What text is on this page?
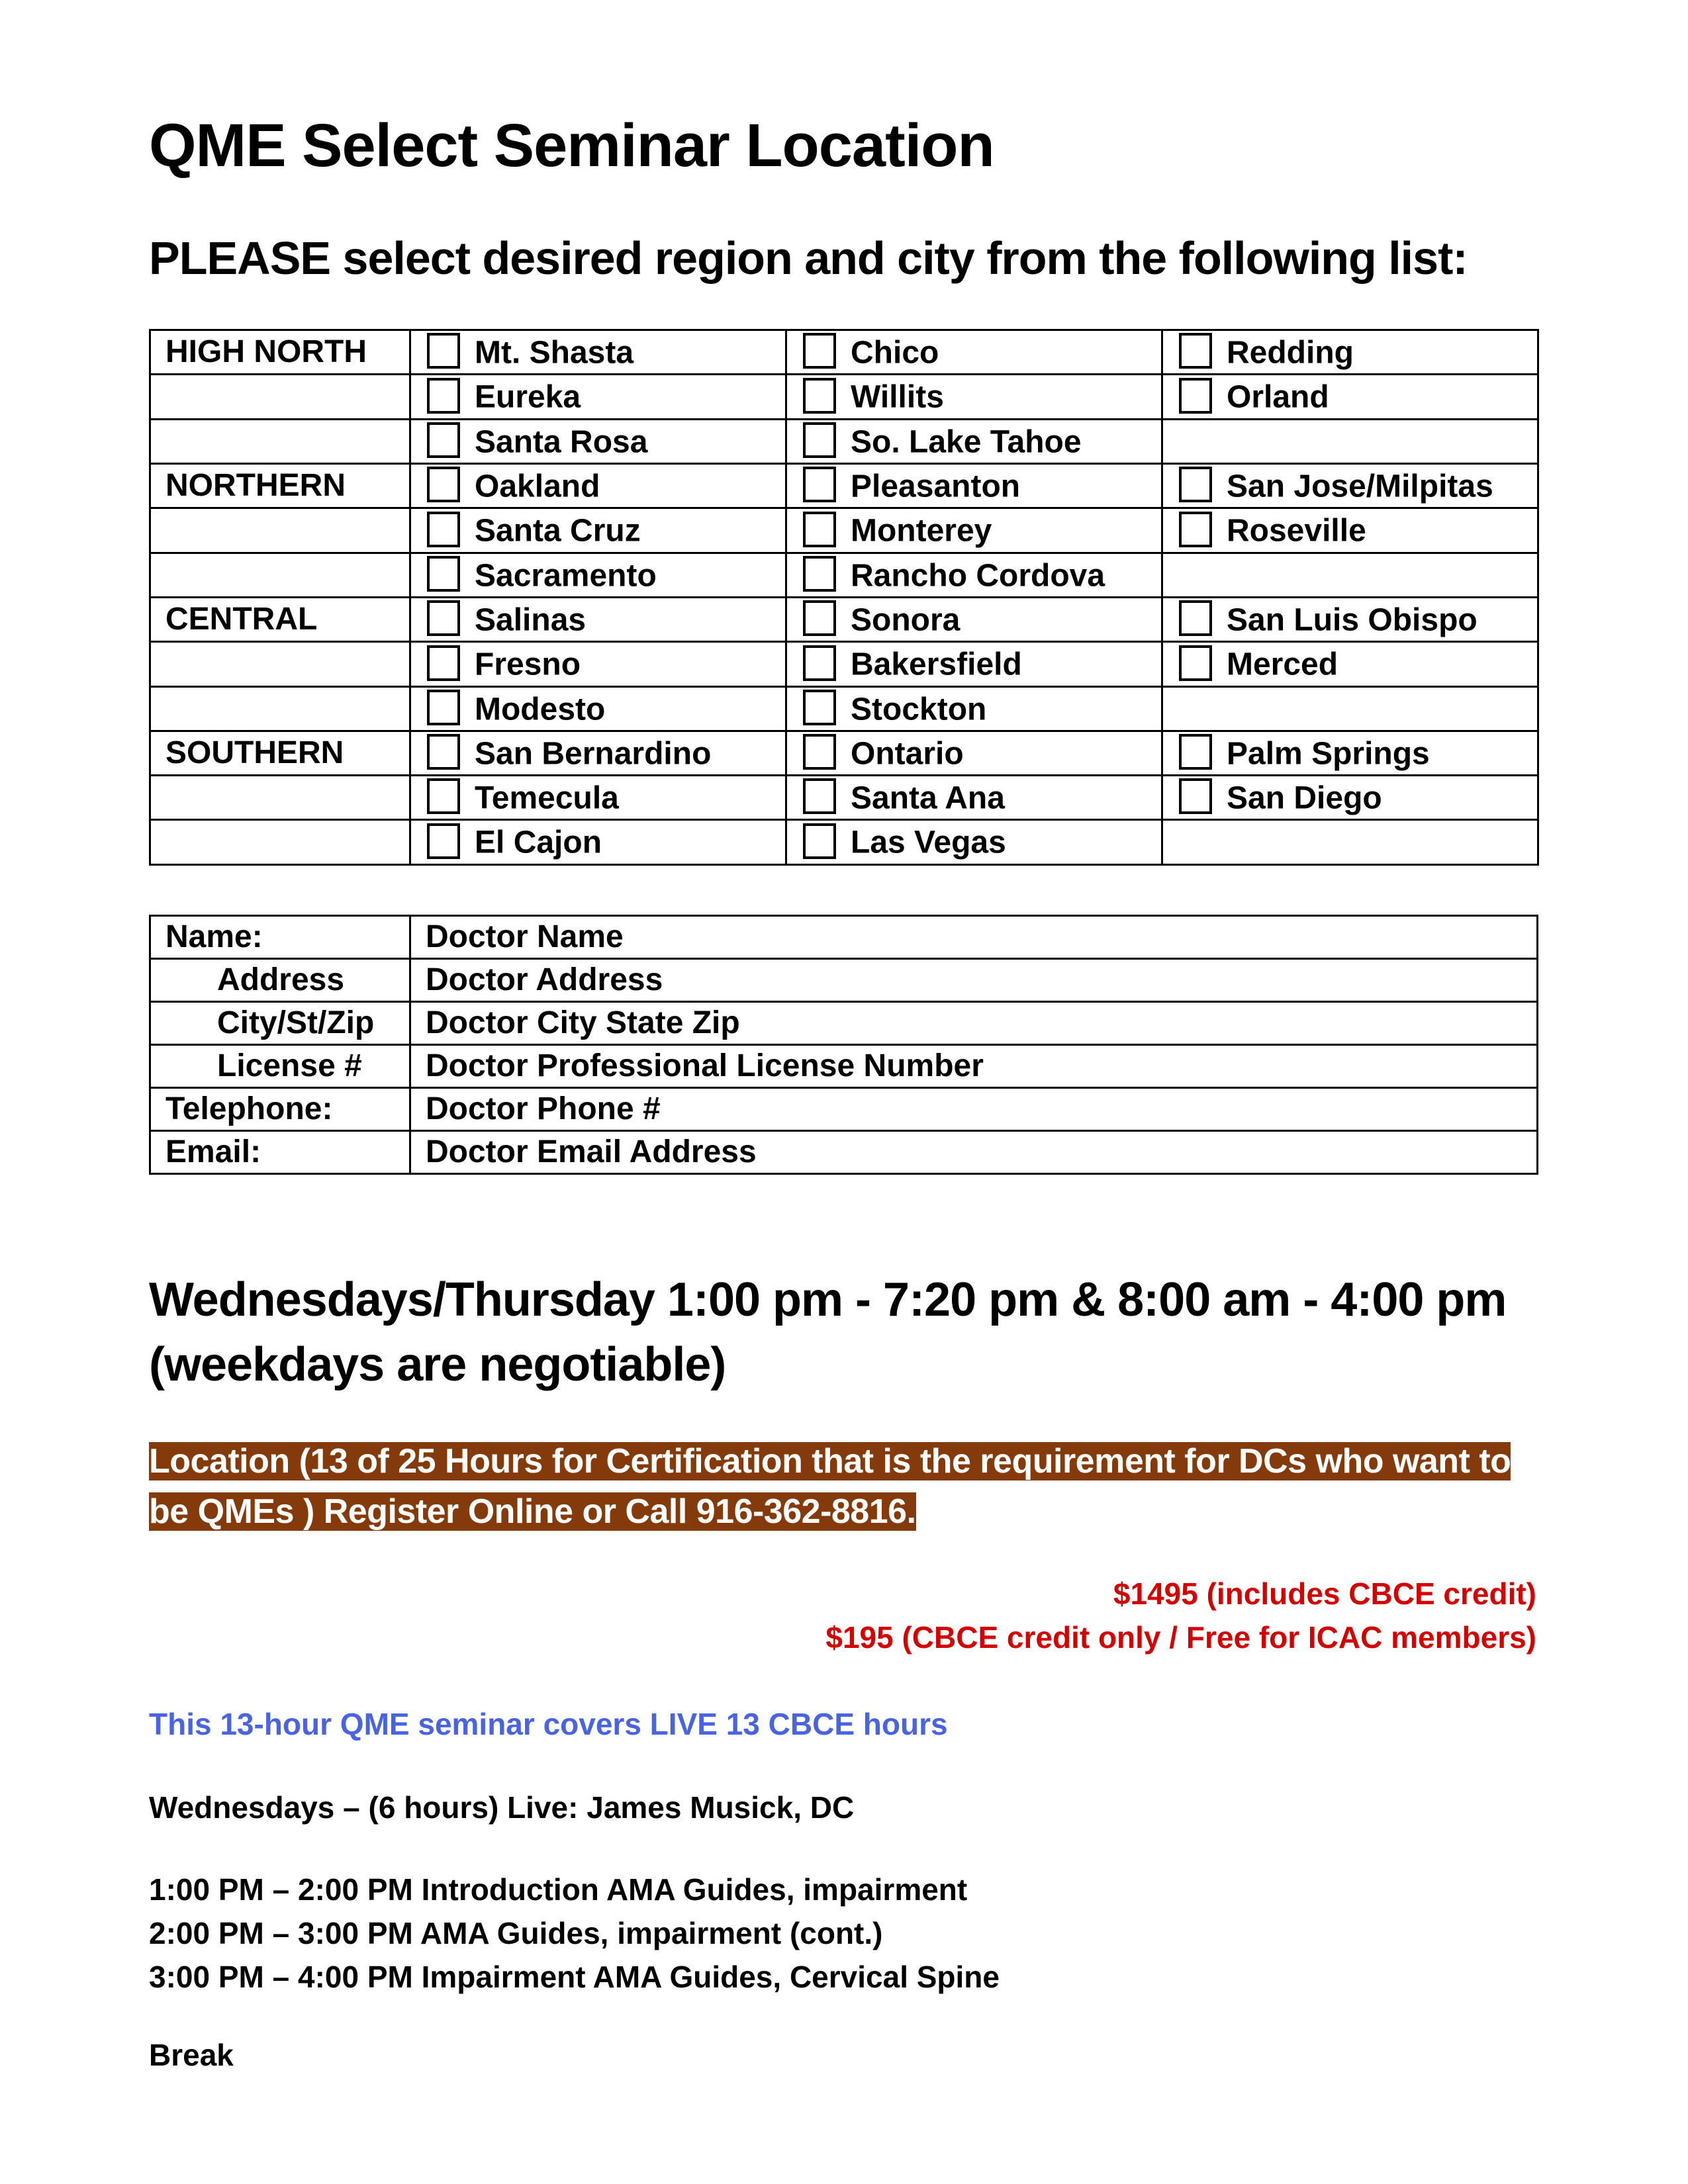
QME Select Seminar Location
PLEASE select desired region and city from the following list:
HIGH NORTH	Mt. Shasta	Chico	Redding
	Eureka	Willits	Orland
	Santa Rosa	So. Lake Tahoe	
NORTHERN	Oakland	Pleasanton	San Jose/Milpitas
	Santa Cruz	Monterey	Roseville
	Sacramento	Rancho Cordova	
CENTRAL	Salinas	Sonora	San Luis Obispo
	Fresno	Bakersfield	Merced
	Modesto	Stockton	
SOUTHERN	San Bernardino	Ontario	Palm Springs
	Temecula	Santa Ana	San Diego
	El Cajon	Las Vegas	
Name:	Doctor Name
Address	Doctor Address
City/St/Zip	Doctor City State Zip
License #	Doctor Professional License Number
Telephone:	Doctor Phone #
Email:	Doctor Email Address
Wednesdays/Thursday 1:00 pm - 7:20 pm & 8:00 am - 4:00 pm (weekdays are negotiable)
Location (13 of 25 Hours for Certification that is the requirement for DCs who want to be QMEs ) Register Online or Call 916-362-8816.
$1495 (includes CBCE credit)
$195 (CBCE credit only / Free for ICAC members)
This 13-hour QME seminar covers LIVE 13 CBCE hours
Wednesdays – (6 hours) Live: James Musick, DC
1:00 PM – 2:00 PM Introduction AMA Guides, impairment
2:00 PM – 3:00 PM AMA Guides, impairment (cont.)
3:00 PM – 4:00 PM Impairment AMA Guides, Cervical Spine
Break
